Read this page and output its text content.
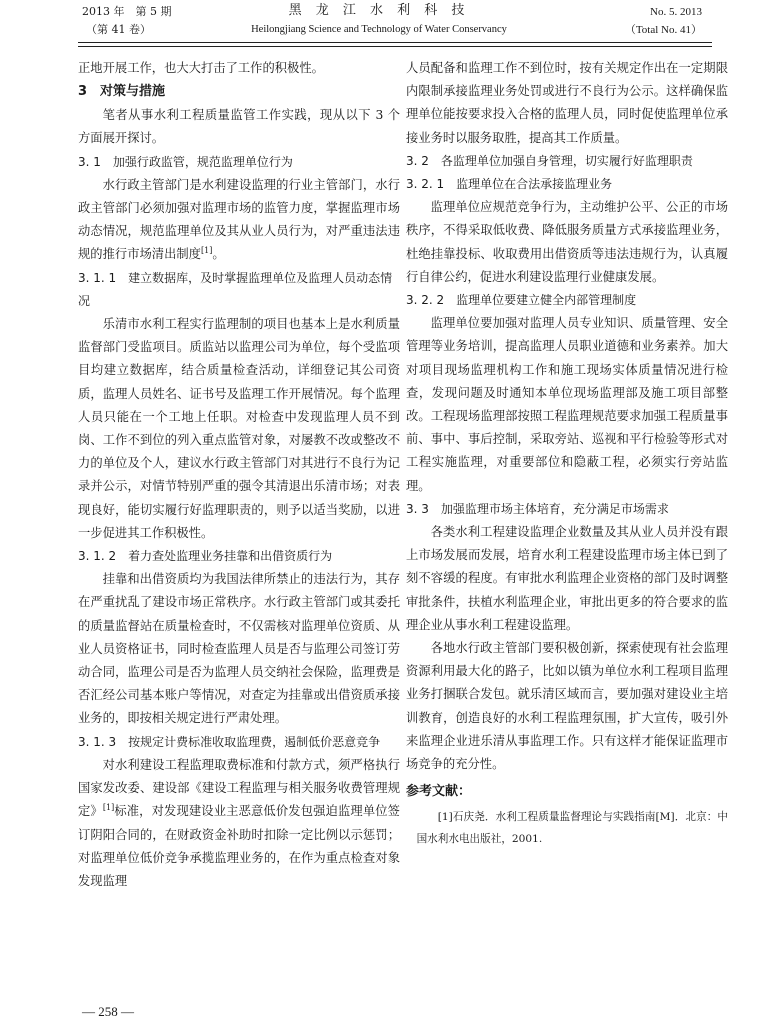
2013 年　第 5 期
（第 41 卷）
黑 龙 江 水 利 科 技
Heilongjiang Science and Technology of Water Conservancy
No. 5. 2013
（Total No. 41）

正地开展工作，也大大打击了工作的积极性。

3　对策与措施

笔者从事水利工程质量监管工作实践，现从以下 3 个方面展开探讨。

3. 1　加强行政监管，规范监理单位行为

水行政主管部门是水利建设监理的行业主管部门，水行政主管部门必须加强对监理市场的监管力度，掌握监理市场动态情况，规范监理单位及其从业人员行为，对严重违法违规的推行市场清出制度[1]。

3. 1. 1　建立数据库，及时掌握监理单位及监理人员动态情况

乐清市水利工程实行监理制的项目也基本上是水利质量监督部门受监项目。质监站以监理公司为单位，每个受监项目均建立数据库，结合质量检查活动，详细登记其公司资质，监理人员姓名、证书号及监理工作开展情况。每个监理人员只能在一个工地上任职。对检查中发现监理人员不到岗、工作不到位的列入重点监管对象，对屡教不改或整改不力的单位及个人，建议水行政主管部门对其进行不良行为记录并公示，对情节特别严重的强令其清退出乐清市场；对表现良好，能切实履行好监理职责的，则予以适当奖励，以进一步促进其工作积极性。

3. 1. 2　着力查处监理业务挂靠和出借资质行为

挂靠和出借资质均为我国法律所禁止的违法行为，其存在严重扰乱了建设市场正常秩序。水行政主管部门或其委托的质量监督站在质量检查时，不仅需核对监理单位资质、从业人员资格证书，同时检查监理人员是否与监理公司签订劳动合同，监理公司是否为监理人员交纳社会保险，监理费是否汇经公司基本账户等情况，对查定为挂靠或出借资质承接业务的，即按相关规定进行严肃处理。

3. 1. 3　按规定计费标准收取监理费，遏制低价恶意竞争

对水利建设工程监理取费标准和付款方式，须严格执行国家发改委、建设部《建设工程监理与相关服务收费管理规定》[1]标准，对发现建设业主恶意低价发包强迫监理单位签订阴阳合同的，在财政资金补助时扣除一定比例以示惩罚；对监理单位低价竞争承揽监理业务的，在作为重点检查对象发现监理

人员配备和监理工作不到位时，按有关规定作出在一定期限内限制承接监理业务处罚或进行不良行为公示。这样确保监理单位能按要求投入合格的监理人员，同时促使监理单位承接业务时以服务取胜，提高其工作质量。

3. 2　各监理单位加强自身管理，切实履行好监理职责
3. 2. 1　监理单位在合法承接监理业务

监理单位应规范竞争行为，主动维护公平、公正的市场秩序，不得采取低收费、降低服务质量方式承接监理业务，杜绝挂靠投标、收取费用出借资质等违法违规行为，认真履行自律公约，促进水利建设监理行业健康发展。

3. 2. 2　监理单位要建立健全内部管理制度

监理单位要加强对监理人员专业知识、质量管理、安全管理等业务培训，提高监理人员职业道德和业务素养。加大对项目现场监理机构工作和施工现场实体质量情况进行检查，发现问题及时通知本单位现场监理部及施工项目部整改。工程现场监理部按照工程监理规范要求加强工程质量事前、事中、事后控制，采取旁站、巡视和平行检验等形式对工程实施监理，对重要部位和隐蔽工程，必须实行旁站监理。

3. 3　加强监理市场主体培育，充分满足市场需求

各类水利工程建设监理企业数量及其从业人员并没有跟上市场发展而发展，培育水利工程建设监理市场主体已到了刻不容缓的程度。有审批水利监理企业资格的部门及时调整审批条件，扶植水利监理企业，审批出更多的符合要求的监理企业从事水利工程建设监理。

各地水行政主管部门要积极创新，探索使现有社会监理资源利用最大化的路子，比如以镇为单位水利工程项目监理业务打捆联合发包。就乐清区域而言，要加强对建设业主培训教育，创造良好的水利工程监理氛围，扩大宣传，吸引外来监理企业进乐清从事监理工作。只有这样才能保证监理市场竞争的充分性。

参考文献：

[1]石庆尧．水利工程质量监督理论与实践指南[M]．北京：中国水利水电出版社，2001.

— 258 —
